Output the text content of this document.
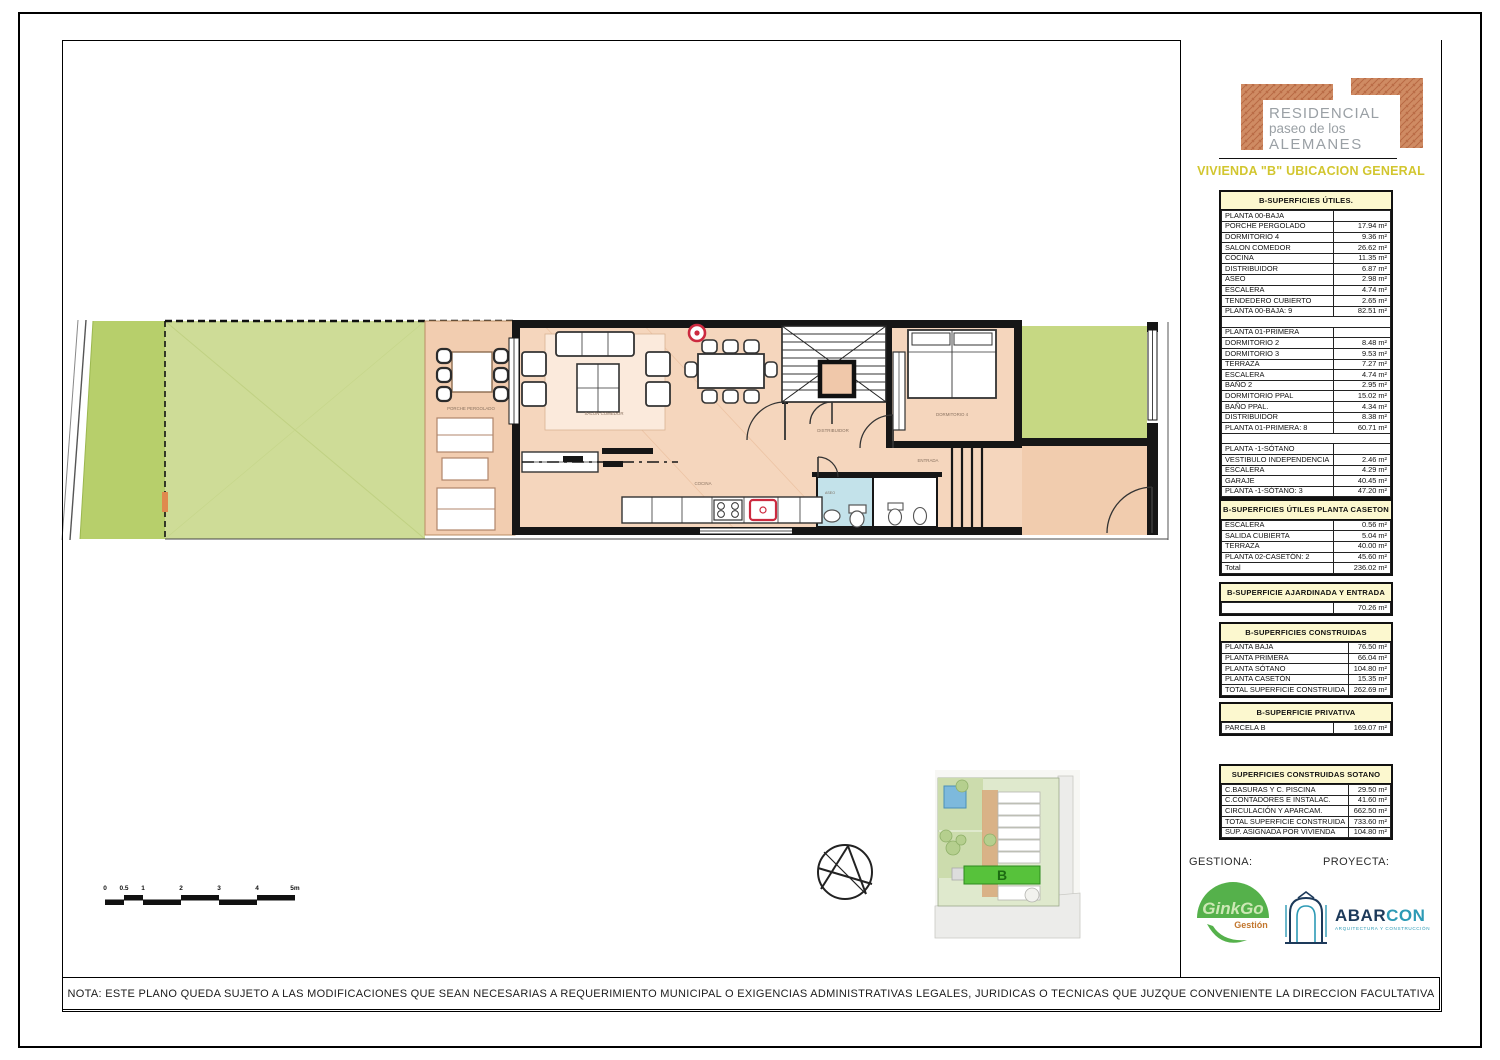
PORCHE PERGOLADO
SALON COMEDOR
DISTRIBUIDOR
ENTRADA
DORMITORIO 4
ASEO
COCINA
0 0.5 1	2	3	4	5m
B
RESIDENCIAL
paseo de los
ALEMANES
VIVIENDA "B" UBICACION GENERAL
B-SUPERFICIES ÚTILES.
PLANTA 00-BAJA	
PORCHE PERGOLADO	17.94 m²
DORMITORIO 4	9.36 m²
SALON COMEDOR	26.62 m²
COCINA	11.35 m²
DISTRIBUIDOR	6.87 m²
ASEO	2.98 m²
ESCALERA	4.74 m²
TENDEDERO CUBIERTO	2.65 m²
PLANTA 00-BAJA: 9	82.51 m²

PLANTA 01-PRIMERA	
DORMITORIO 2	8.48 m²
DORMITORIO 3	9.53 m²
TERRAZA	7.27 m²
ESCALERA	4.74 m²
BAÑO 2	2.95 m²
DORMITORIO PPAL	15.02 m²
BAÑO PPAL.	4.34 m²
DISTRIBUIDOR	8.38 m²
PLANTA 01-PRIMERA: 8	60.71 m²

PLANTA -1-SÓTANO	
VESTIBULO INDEPENDENCIA	2.46 m²
ESCALERA	4.29 m²
GARAJE	40.45 m²
PLANTA -1-SÓTANO: 3	47.20 m²
B-SUPERFICIES ÚTILES PLANTA CASETON
ESCALERA	0.56 m²
SALIDA CUBIERTA	5.04 m²
TERRAZA	40.00 m²
PLANTA 02-CASETÓN: 2	45.60 m²
Total	236.02 m²
B-SUPERFICIE AJARDINADA Y ENTRADA
	70.26 m²
B-SUPERFICIES CONSTRUIDAS
PLANTA BAJA	76.50 m²
PLANTA PRIMERA	66.04 m²
PLANTA SÓTANO	104.80 m²
PLANTA CASETÓN	15.35 m²
TOTAL SUPERFICIE CONSTRUIDA	262.69 m²
B-SUPERFICIE PRIVATIVA
PARCELA B	169.07 m²
SUPERFICIES CONSTRUIDAS SOTANO
C.BASURAS Y C. PISCINA	29.50 m²
C.CONTADORES E INSTALAC.	41.60 m²
CIRCULACIÓN Y APARCAM.	662.50 m²
TOTAL SUPERFICIE CONSTRUIDA	733.60 m²
SUP. ASIGNADA POR VIVIENDA	104.80 m²
GESTIONA:	PROYECTA:
GinkGo
Gestión	ABARCON
ARQUITECTURA Y CONSTRUCCIÓN
NOTA: ESTE PLANO QUEDA SUJETO A LAS MODIFICACIONES QUE SEAN NECESARIAS A REQUERIMIENTO MUNICIPAL O EXIGENCIAS ADMINISTRATIVAS LEGALES, JURIDICAS O TECNICAS QUE JUZQUE CONVENIENTE LA DIRECCION FACULTATIVA
